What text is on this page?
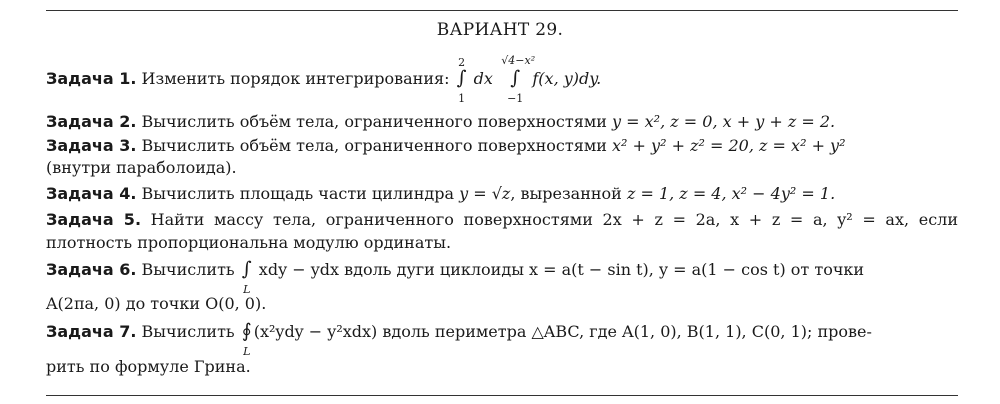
ВАРИАНТ 29.
Задача 1. Изменить порядок интегрирования:
2
∫
1
dx
√4−x²
∫
−1
f(x, y)dy.
Задача 2. Вычислить объём тела, ограниченного поверхностями y = x², z = 0, x + y + z = 2.
Задача 3. Вычислить объём тела, ограниченного поверхностями x² + y² + z² = 20, z = x² + y²
(внутри параболоида).
Задача 4. Вычислить площадь части цилиндра y = √z, вырезанной z = 1, z = 4, x² − 4y² = 1.
Задача 5. Найти массу тела, ограниченного поверхностями 2x + z = 2a, x + z = a, y² = ax, если
плотность пропорциональна модулю ординаты.
Задача 6. Вычислить ∫
L
xdy − ydx вдоль дуги циклоиды x = a(t − sin t), y = a(1 − cos t) от точки
A(2πa, 0) до точки O(0, 0).
Задача 7. Вычислить ∮
L
(x²ydy − y²xdx) вдоль периметра △ABC, где A(1, 0), B(1, 1), C(0, 1); прове-
рить по формуле Грина.
